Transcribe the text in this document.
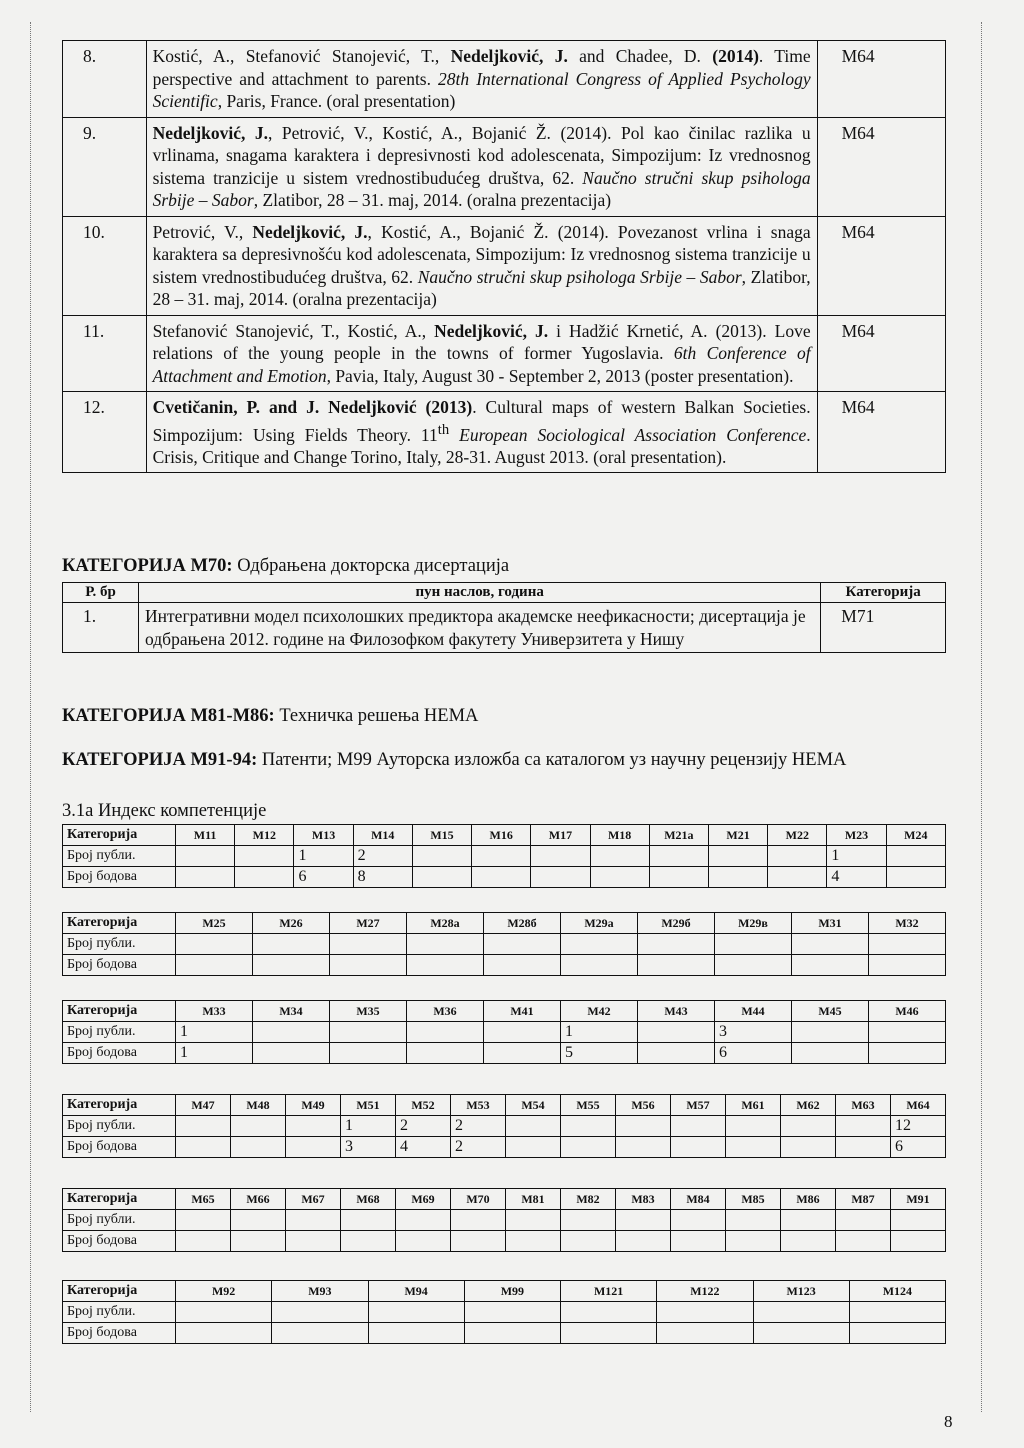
8.	Kostić, A., Stefanović Stanojević, T., Nedeljković, J. and Chadee, D. (2014). Time perspective and attachment to parents. 28th International Congress of Applied Psychology Scientific, Paris, France. (oral presentation)	M64
9.	Nedeljković, J., Petrović, V., Kostić, A., Bojanić Ž. (2014). Pol kao činilac razlika u vrlinama, snagama karaktera i depresivnosti kod adolescenata, Simpozijum: Iz vrednosnog sistema tranzicije u sistem vrednostibudućeg društva, 62. Naučno stručni skup psihologa Srbije – Sabor, Zlatibor, 28 – 31. maj, 2014. (oralna prezentacija)	M64
10.	Petrović, V., Nedeljković, J., Kostić, A., Bojanić Ž. (2014). Povezanost vrlina i snaga karaktera sa depresivnošću kod adolescenata, Simpozijum: Iz vrednosnog sistema tranzicije u sistem vrednostibudućeg društva, 62. Naučno stručni skup psihologa Srbije – Sabor, Zlatibor, 28 – 31. maj, 2014. (oralna prezentacija)	M64
11.	Stefanović Stanojević, T., Kostić, A., Nedeljković, J. i Hadžić Krnetić, A. (2013). Love relations of the young people in the towns of former Yugoslavia. 6th Conference of Attachment and Emotion, Pavia, Italy, August 30 - September 2, 2013 (poster presentation).	M64
12.	Cvetičanin, P. and J. Nedeljković (2013). Cultural maps of western Balkan Societies. Simpozijum: Using Fields Theory. 11th European Sociological Association Conference. Crisis, Critique and Change Torino, Italy, 28-31. August 2013. (oral presentation).	M64
КАТЕГОРИЈА М70: Одбрањена докторска дисертација
Р. бр	пун наслов, година	Категорија
1.	Интегративни модел психолошких предиктора академске неефикасности; дисертација је одбрањена 2012. године на Филозофком факутету Универзитета у Нишу	М71
КАТЕГОРИЈА М81-М86: Техничка решења НЕМА
КАТЕГОРИЈА М91-94: Патенти; М99 Ауторска изложба са каталогом уз научну рецензију НЕМА
3.1а Индекс компетенције
Категорија	M11	M12	M13	M14	M15	M16	M17	M18	M21a	M21	M22	M23	M24
Број публи.			1	2								1	
Број бодова			6	8								4	
Категорија	M25	M26	M27	M28a	M28б	M29a	M29б	M29в	M31	M32
Број публи.										
Број бодова										
Категорија	M33	M34	M35	M36	M41	M42	M43	M44	M45	M46
Број публи.	1					1		3		
Број бодова	1					5		6		
Категорија	M47	M48	M49	M51	M52	M53	M54	M55	M56	M57	M61	M62	M63	M64
Број публи.				1	2	2								12
Број бодова				3	4	2								6
Категорија	M65	M66	M67	M68	M69	M70	M81	M82	M83	M84	M85	M86	M87	M91
Број публи.														
Број бодова														
Категорија	M92	M93	M94	M99	M121	M122	M123	M124
Број публи.								
Број бодова								
8
